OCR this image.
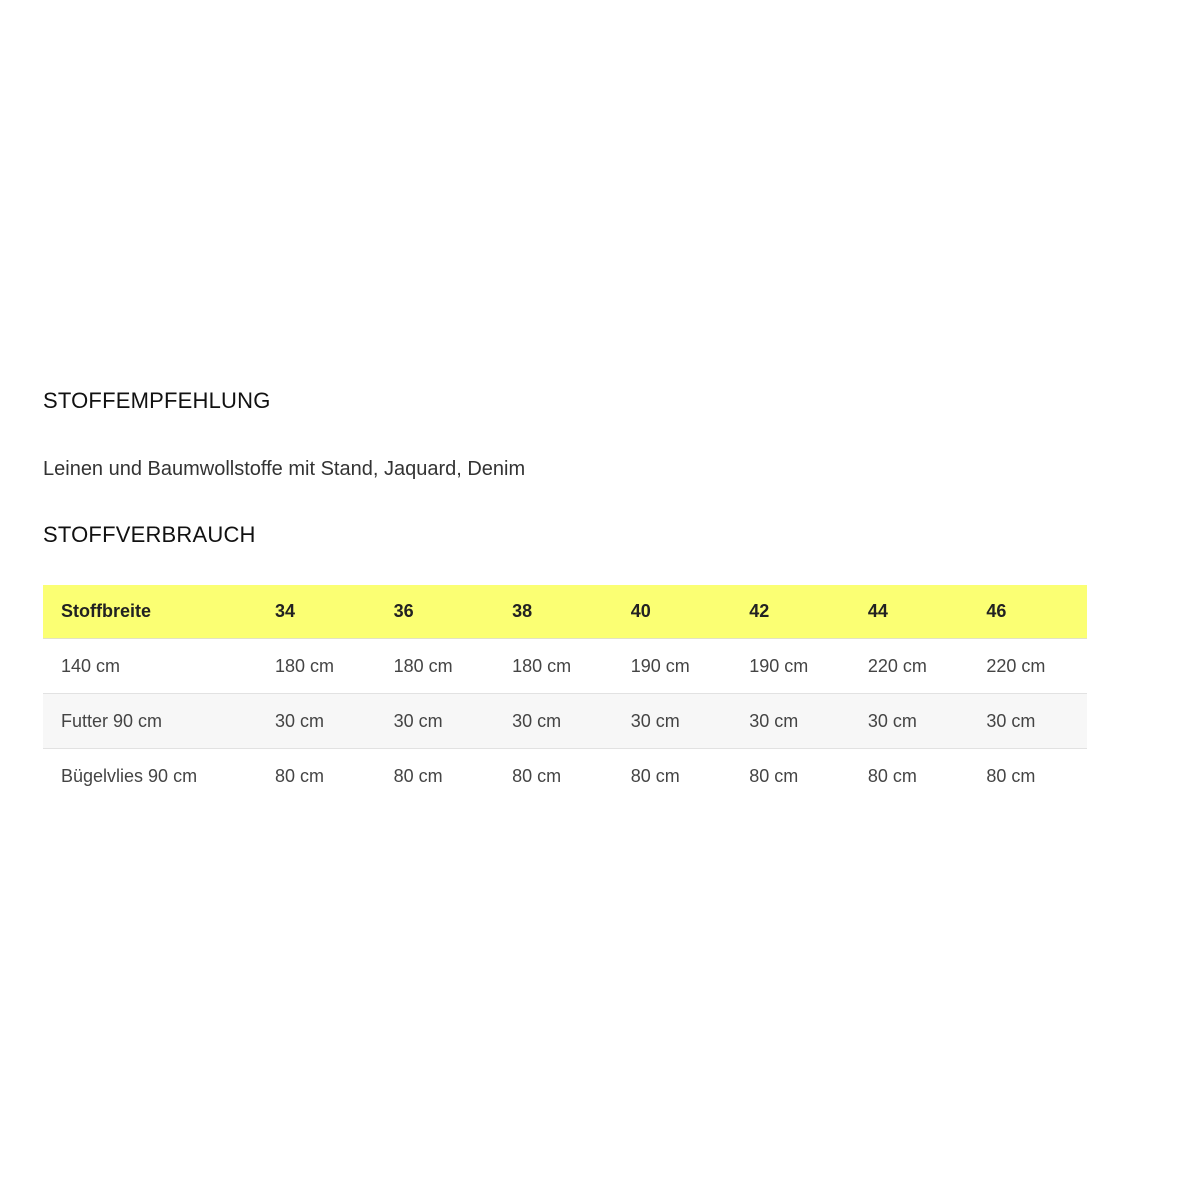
STOFFEMPFEHLUNG

Leinen und Baumwollstoffe mit Stand, Jaquard, Denim

STOFFVERBRAUCH
Stoffbreite	34	36	38	40	42	44	46
140 cm	180 cm	180 cm	180 cm	190 cm	190 cm	220 cm	220 cm
Futter 90 cm	30 cm	30 cm	30 cm	30 cm	30 cm	30 cm	30 cm
Bügelvlies 90 cm	80 cm	80 cm	80 cm	80 cm	80 cm	80 cm	80 cm
